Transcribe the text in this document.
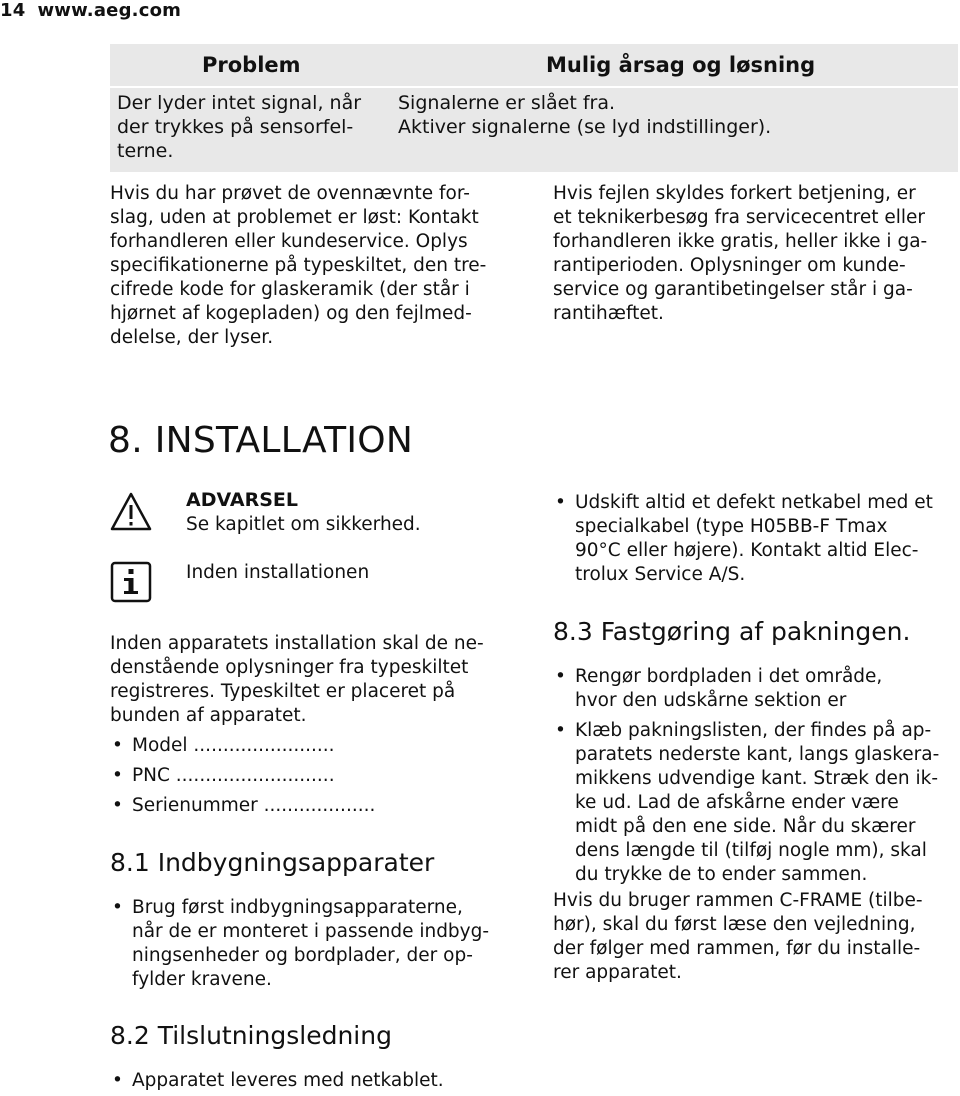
14 www.aeg.com
Problem	Mulig årsag og løsning
Der lyder intet signal, når
der trykkes på sensorfel-
terne.
Signalerne er slået fra.
Aktiver signalerne (se lyd indstillinger).
Hvis du har prøvet de ovennævnte for-
slag, uden at problemet er løst: Kontakt
forhandleren eller kundeservice. Oplys
specifikationerne på typeskiltet, den tre-
cifrede kode for glaskeramik (der står i
hjørnet af kogepladen) og den fejlmed-
delelse, der lyser.
Hvis fejlen skyldes forkert betjening, er
et teknikerbesøg fra servicecentret eller
forhandleren ikke gratis, heller ikke i ga-
rantiperioden. Oplysninger om kunde-
service og garantibetingelser står i ga-
rantihæftet.
8. INSTALLATION
ADVARSEL
Se kapitlet om sikkerhed.
Inden installationen
Inden apparatets installation skal de ne-
denstående oplysninger fra typeskiltet
registreres. Typeskiltet er placeret på
bunden af apparatet.
• Model ........................
• PNC ...........................
• Serienummer ...................
8.1 Indbygningsapparater
• Brug først indbygningsapparaterne,
når de er monteret i passende indbyg-
ningsenheder og bordplader, der op-
fylder kravene.
8.2 Tilslutningsledning
• Apparatet leveres med netkablet.
• Udskift altid et defekt netkabel med et
specialkabel (type H05BB-F Tmax
90°C eller højere). Kontakt altid Elec-
trolux Service A/S.
8.3 Fastgøring af pakningen.
• Rengør bordpladen i det område,
hvor den udskårne sektion er
• Klæb pakningslisten, der findes på ap-
paratets nederste kant, langs glaskera-
mikkens udvendige kant. Stræk den ik-
ke ud. Lad de afskårne ender være
midt på den ene side. Når du skærer
dens længde til (tilføj nogle mm), skal
du trykke de to ender sammen.
Hvis du bruger rammen C-FRAME (tilbe-
hør), skal du først læse den vejledning,
der følger med rammen, før du installe-
rer apparatet.
